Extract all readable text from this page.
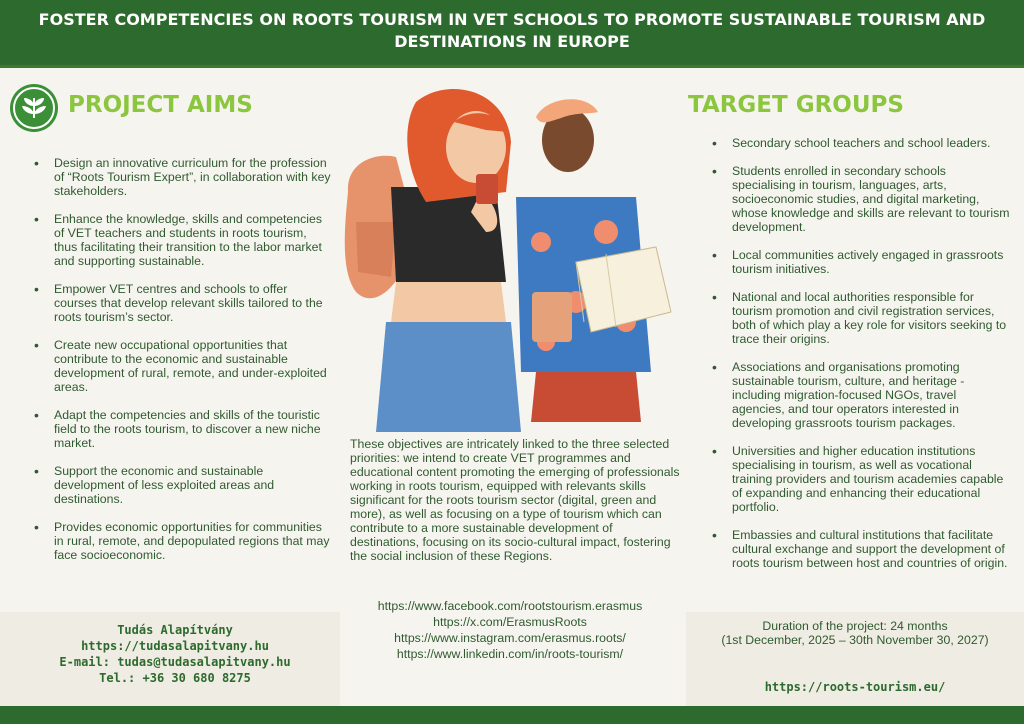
FOSTER COMPETENCIES ON ROOTS TOURISM IN VET SCHOOLS TO PROMOTE SUSTAINABLE TOURISM AND
DESTINATIONS IN EUROPE
PROJECT AIMS
• Design an innovative curriculum for the profession of “Roots Tourism Expert”, in collaboration with key stakeholders.
• Enhance the knowledge, skills and competencies of VET teachers and students in roots tourism, thus facilitating their transition to the labor market and supporting sustainable.
• Empower VET centres and schools to offer courses that develop relevant skills tailored to the roots tourism’s sector.
• Create new occupational opportunities that contribute to the economic and sustainable development of rural, remote, and under-exploited areas.
• Adapt the competencies and skills of the touristic field to the roots tourism, to discover a new niche market.
• Support the economic and sustainable development of less exploited areas and destinations.
• Provides economic opportunities for communities in rural, remote, and depopulated regions that may face socioeconomic.
These objectives are intricately linked to the three selected priorities: we intend to create VET programmes and educational content promoting the emerging of professionals working in roots tourism, equipped with relevants skills significant for the roots tourism sector (digital, green and more), as well as focusing on a type of tourism which can contribute to a more sustainable development of destinations, focusing on its socio-cultural impact, fostering the social inclusion of these Regions.
https://www.facebook.com/rootstourism.erasmus
https://x.com/ErasmusRoots
https://www.instagram.com/erasmus.roots/
https://www.linkedin.com/in/roots-tourism/
Tudás Alapítvány
https://tudasalapitvany.hu
E-mail: tudas@tudasalapitvany.hu
Tel.: +36 30 680 8275
TARGET GROUPS
• Secondary school teachers and school leaders.
• Students enrolled in secondary schools specialising in tourism, languages, arts, socioeconomic studies, and digital marketing, whose knowledge and skills are relevant to tourism development.
• Local communities actively engaged in grassroots tourism initiatives.
• National and local authorities responsible for tourism promotion and civil registration services, both of which play a key role for visitors seeking to trace their origins.
• Associations and organisations promoting sustainable tourism, culture, and heritage - including migration-focused NGOs, travel agencies, and tour operators interested in developing grassroots tourism packages.
• Universities and higher education institutions specialising in tourism, as well as vocational training providers and tourism academies capable of expanding and enhancing their educational portfolio.
• Embassies and cultural institutions that facilitate cultural exchange and support the development of roots tourism between host and countries of origin.
Duration of the project: 24 months
(1st December, 2025 – 30th November 30, 2027)
https://roots-tourism.eu/
